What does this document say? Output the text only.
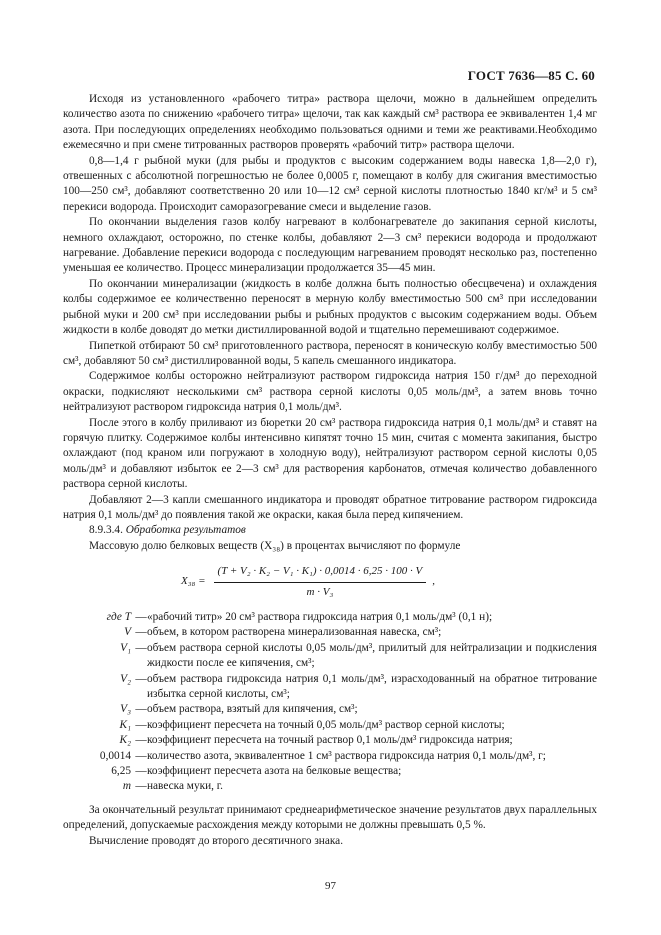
ГОСТ 7636—85 С. 60

Исходя из установленного «рабочего титра» раствора щелочи, можно в дальнейшем определить количество азота по снижению «рабочего титра» щелочи, так как каждый см³ раствора ее эквивалентен 1,4 мг азота. При последующих определениях необходимо пользоваться одними и теми же реактивами.Необходимо ежемесячно и при смене титрованных растворов проверять «рабочий титр» раствора щелочи.

0,8—1,4 г рыбной муки (для рыбы и продуктов с высоким содержанием воды навеска 1,8—2,0 г), отвешенных с абсолютной погрешностью не более 0,0005 г, помещают в колбу для сжигания вместимостью 100—250 см³, добавляют соответственно 20 или 10—12 см³ серной кислоты плотностью 1840 кг/м³ и 5 см³ перекиси водорода. Происходит саморазогревание смеси и выделение газов.

По окончании выделения газов колбу нагревают в колбонагревателе до закипания серной кислоты, немного охлаждают, осторожно, по стенке колбы, добавляют 2—3 см³ перекиси водорода и продолжают нагревание. Добавление перекиси водорода с последующим нагреванием проводят несколько раз, постепенно уменьшая ее количество. Процесс минерализации продолжается 35—45 мин.

По окончании минерализации (жидкость в колбе должна быть полностью обесцвечена) и охлаждения колбы содержимое ее количественно переносят в мерную колбу вместимостью 500 см³ при исследовании рыбной муки и 200 см³ при исследовании рыбы и рыбных продуктов с высоким содержанием воды. Объем жидкости в колбе доводят до метки дистиллированной водой и тщательно перемешивают содержимое.

Пипеткой отбирают 50 см³ приготовленного раствора, переносят в коническую колбу вместимостью 500 см³, добавляют 50 см³ дистиллированной воды, 5 капель смешанного индикатора.

Содержимое колбы осторожно нейтрализуют раствором гидроксида натрия 150 г/дм³ до переходной окраски, подкисляют несколькими см³ раствора серной кислоты 0,05 моль/дм³, а затем вновь точно нейтрализуют раствором гидроксида натрия 0,1 моль/дм³.

После этого в колбу приливают из бюретки 20 см³ раствора гидроксида натрия 0,1 моль/дм³ и ставят на горячую плитку. Содержимое колбы интенсивно кипятят точно 15 мин, считая с момента закипания, быстро охлаждают (под краном или погружают в холодную воду), нейтрализуют раствором серной кислоты 0,05 моль/дм³ и добавляют избыток ее 2—3 см³ для растворения карбонатов, отмечая количество добавленного раствора серной кислоты.

Добавляют 2—3 капли смешанного индикатора и проводят обратное титрование раствором гидроксида натрия 0,1 моль/дм³ до появления такой же окраски, какая была перед кипячением.

8.9.3.4. Обработка результатов

Массовую долю белковых веществ (X₃₈) в процентах вычисляют по формуле

$X_{38} = \frac{\text{(T + V₂ · K₂ − V₁ · K₁) · 0,0014 · 6,25 · 100 · V}}{\text{m · V₃}}$ ,
где T — «рабочий титр» 20 см³ раствора гидроксида натрия 0,1 моль/дм³ (0,1 н);
V — объем, в котором растворена минерализованная навеска, см³;
V₁ — объем раствора серной кислоты 0,05 моль/дм³, прилитый для нейтрализации и подкисления жидкости после ее кипячения, см³;
V₂ — объем раствора гидроксида натрия 0,1 моль/дм³, израсходованный на обратное титрование избытка серной кислоты, см³;
V₃ — объем раствора, взятый для кипячения, см³;
K₁ — коэффициент пересчета на точный 0,05 моль/дм³ раствор серной кислоты;
K₂ — коэффициент пересчета на точный раствор 0,1 моль/дм³ гидроксида натрия;
0,0014 — количество азота, эквивалентное 1 см³ раствора гидроксида натрия 0,1 моль/дм³, г;
6,25 — коэффициент пересчета азота на белковые вещества;
m — навеска муки, г.

За окончательный результат принимают среднеарифметическое значение результатов двух параллельных определений, допускаемые расхождения между которыми не должны превышать 0,5 %.

Вычисление проводят до второго десятичного знака.

97
